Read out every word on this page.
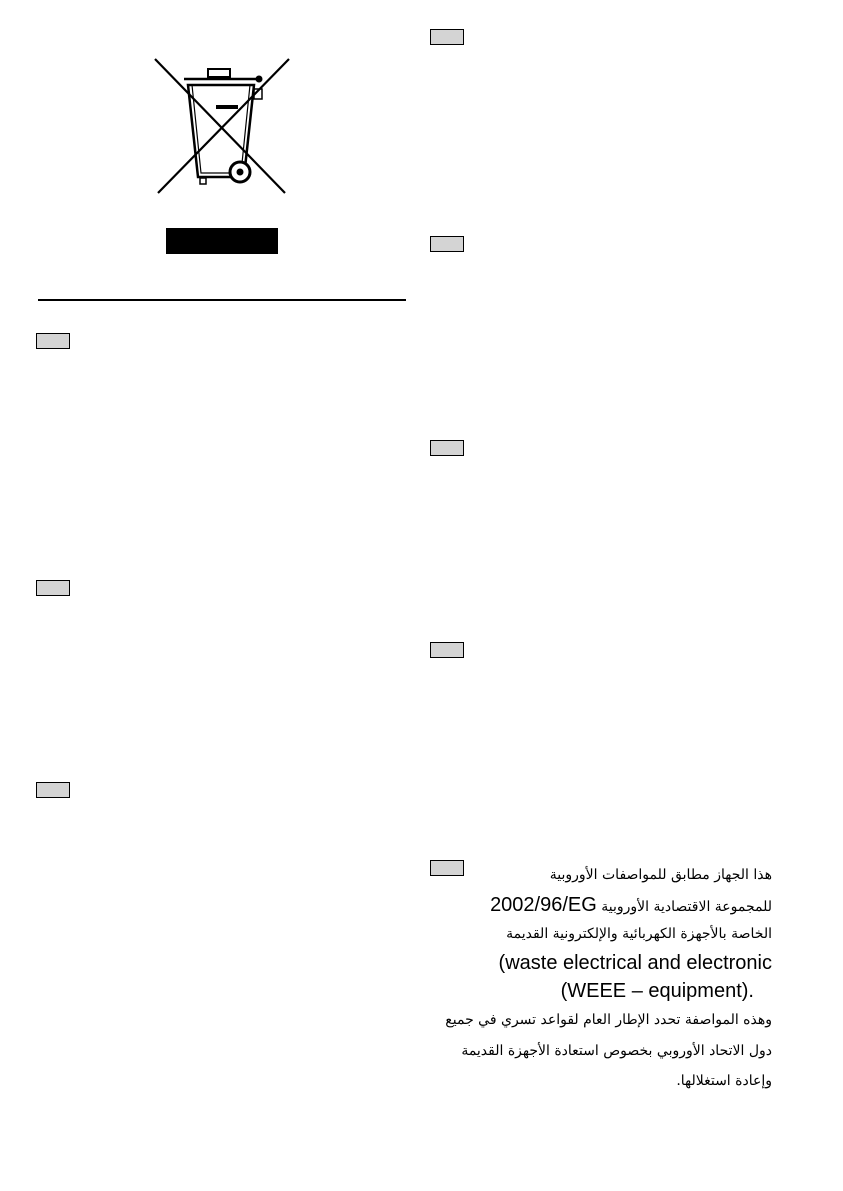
هذا الجهاز مطابق للمواصفات الأوروبية
للمجموعة الاقتصادية الأوروبية 2002/96/EG
الخاصة بالأجهزة الكهربائية والإلكترونية القديمة
(waste electrical and electronic
(WEEE – equipment).
وهذه المواصفة تحدد الإطار العام لقواعد تسري في جميع
دول الاتحاد الأوروبي بخصوص استعادة الأجهزة القديمة
وإعادة استغلالها.
